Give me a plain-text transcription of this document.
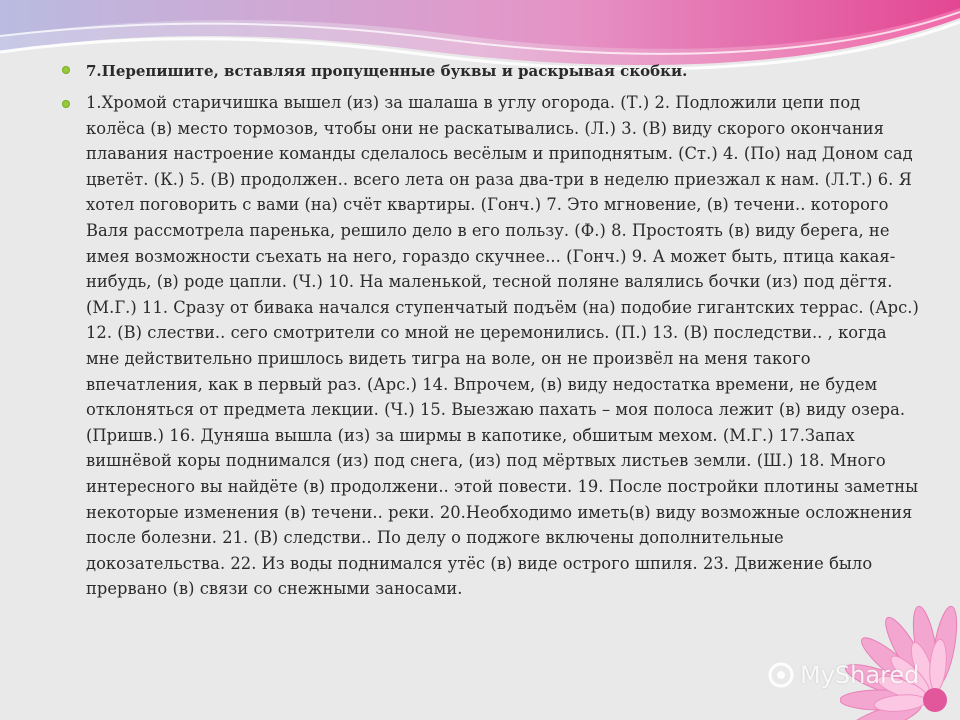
7.Перепишите, вставляя пропущенные буквы и раскрывая скобки.
1.Хромой старичишка вышел (из) за шалаша в углу огорода. (Т.) 2. Подложили цепи под колёса (в) место тормозов, чтобы они не раскатывались. (Л.) 3. (В) виду скорого окончания плавания настроение команды сделалось весёлым и приподнятым. (Ст.) 4. (По) над Доном сад цветёт. (К.) 5. (В) продолжен.. всего лета он раза два-три в неделю приезжал к нам. (Л.Т.) 6. Я хотел поговорить с вами (на) счёт квартиры. (Гонч.) 7. Это мгновение, (в) течени.. которого Валя рассмотрела паренька, решило дело в его пользу. (Ф.) 8. Простоять (в) виду берега, не имея возможности съехать на него, гораздо скучнее... (Гонч.) 9. А может быть, птица какая-нибудь, (в) роде цапли. (Ч.) 10. На маленькой, тесной поляне валялись бочки (из) под дёгтя. (М.Г.) 11. Сразу от бивака начался ступенчатый подъём (на) подобие гигантских террас. (Арс.) 12. (В) слестви.. сего смотрители со мной не церемонились. (П.) 13. (В) последстви.. , когда мне действительно пришлось видеть тигра на воле, он не произвёл на меня такого впечатления, как в первый раз. (Арс.) 14. Впрочем, (в) виду недостатка времени, не будем отклоняться от предмета лекции. (Ч.) 15. Выезжаю пахать – моя полоса лежит (в) виду озера. (Пришв.) 16. Дуняша вышла (из) за ширмы в капотике, обшитым мехом. (М.Г.) 17.Запах вишнёвой коры поднимался (из) под снега, (из) под мёртвых листьев земли. (Ш.) 18. Много интересного вы найдёте (в) продолжени.. этой повести. 19. После постройки плотины заметны некоторые изменения (в) течени.. реки. 20.Необходимо иметь(в) виду возможные осложнения после болезни. 21. (В) следстви.. По делу о поджоге включены дополнительные докозательства. 22. Из воды поднимался утёс (в) виде острого шпиля. 23. Движение было прервано (в) связи со снежными заносами.
MyShared
